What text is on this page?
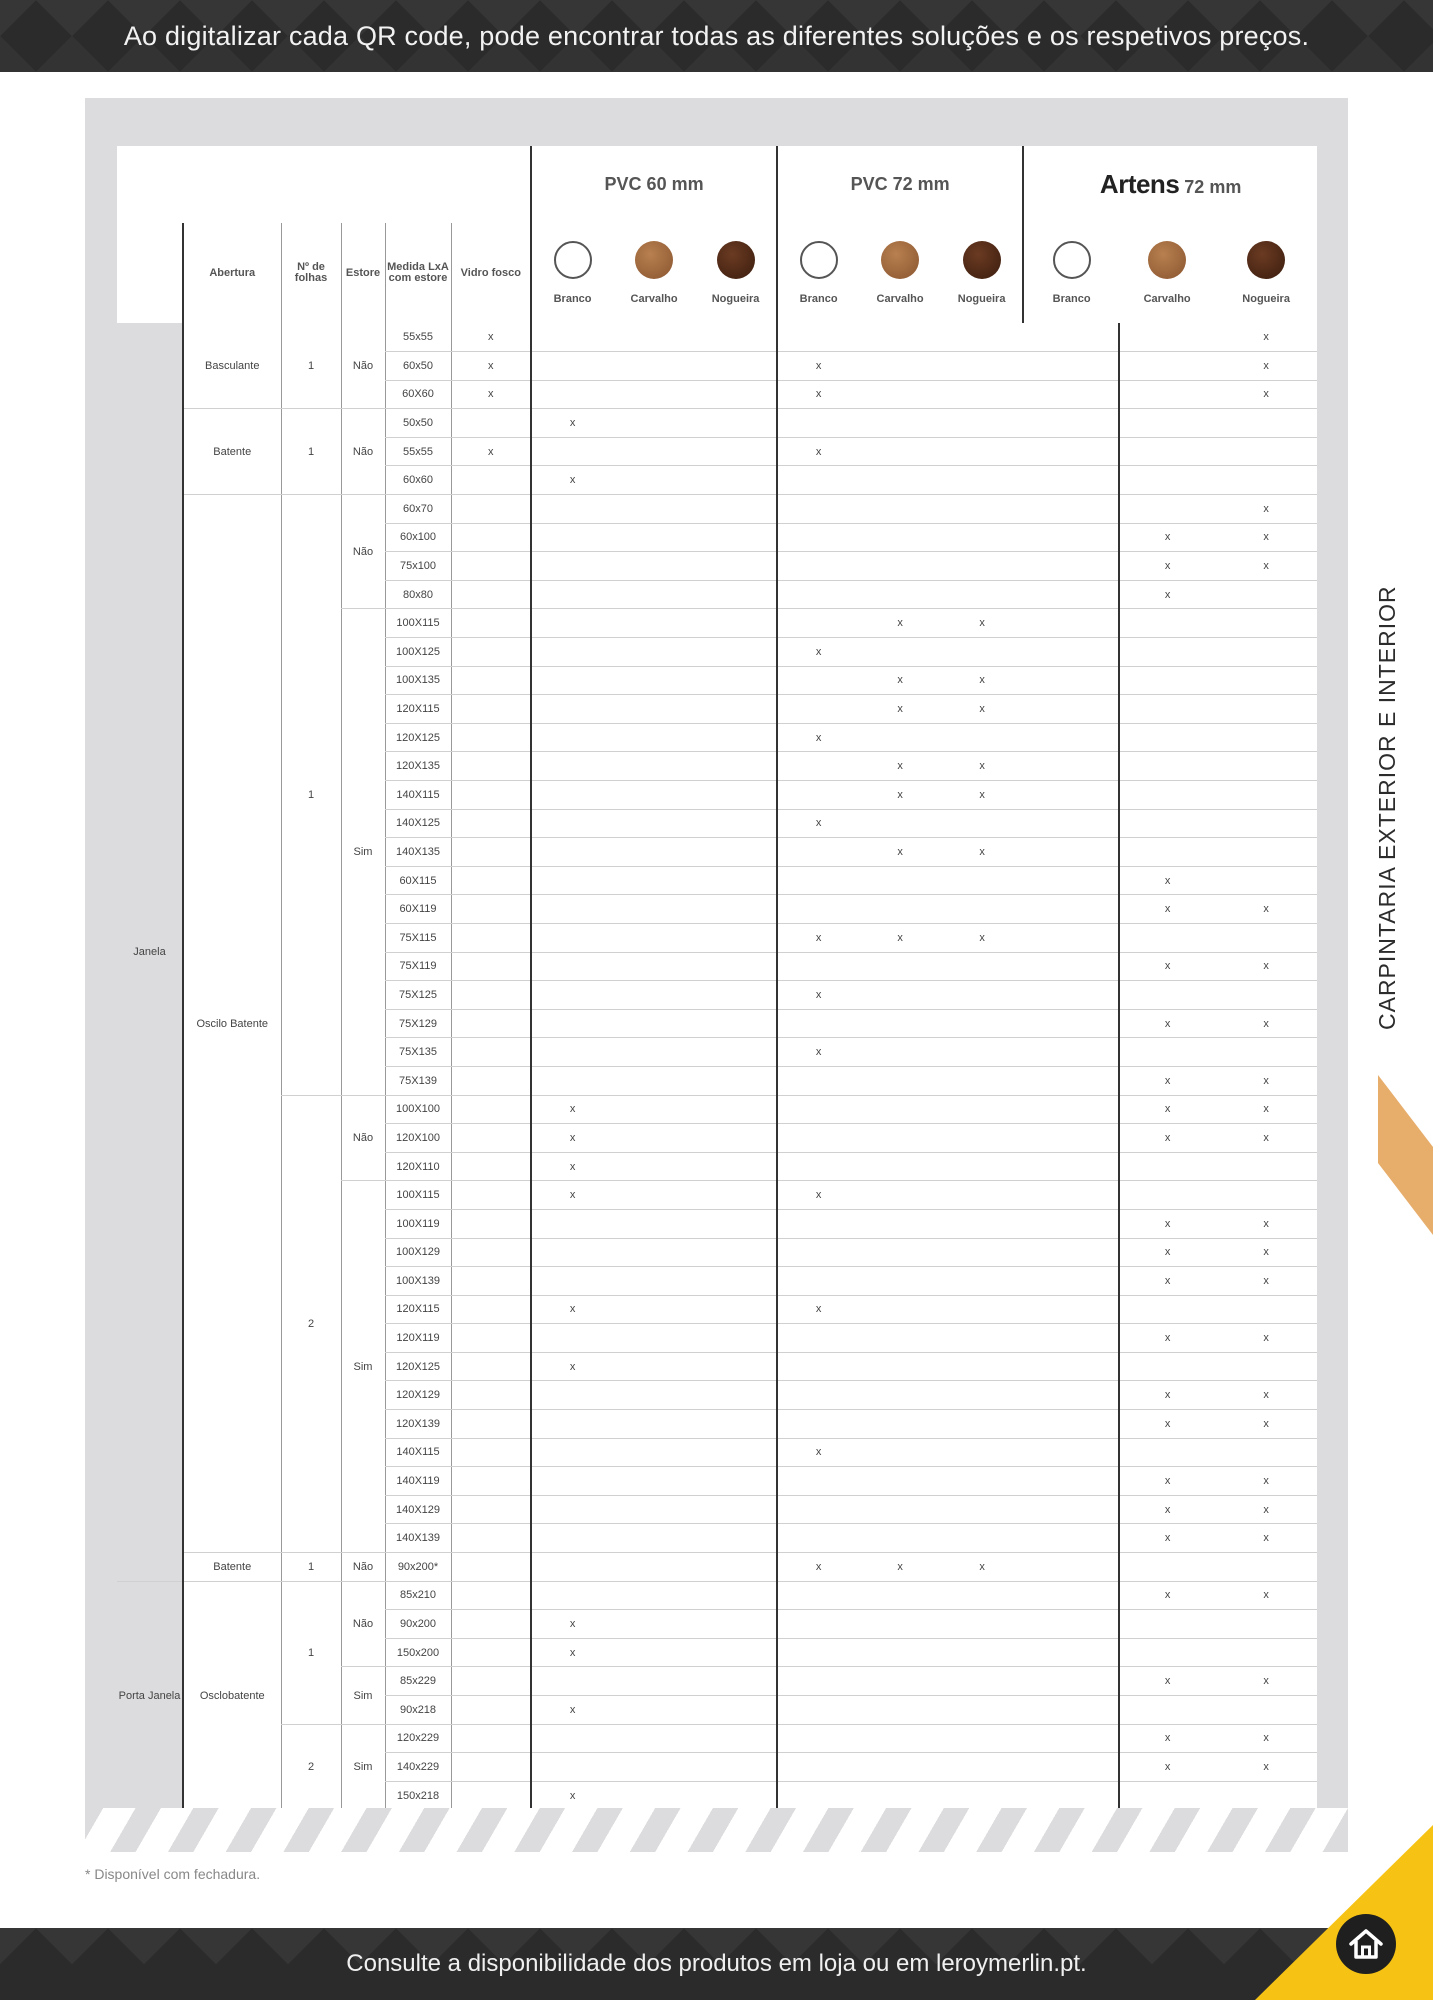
Ao digitalizar cada QR code, pode encontrar todas as diferentes soluções e os respetivos preços.
						PVC 60 mm			PVC 72 mm			Artens 72 mm			
	Abertura	Nº de folhas	Estore	Medida LxA com estore	Vidro fosco	Branco	Carvalho	Nogueira	Branco	Carvalho	Nogueira	Branco	Carvalho	Nogueira	
Janela	Basculante	1	Não	55x55	x									x	
				60x50	x				x					x	
				60X60	x				x					x	
	Batente	1	Não	50x50		x									
				55x55	x				x						
				60x60		x									
	Oscilo Batente	1	Não	60x70										x	
				60x100									x	x	
				75x100									x	x	
				80x80									x		
			Sim	100X115						x	x				
				100X125					x						
				100X135						x	x				
				120X115						x	x				
				120X125					x						
				120X135						x	x				
				140X115						x	x				
				140X125					x						
				140X135						x	x				
				60X115									x		
				60X119									x	x	
				75X115					x	x	x				
				75X119									x	x	
				75X125					x						
				75X129									x	x	
				75X135					x						
				75X139									x	x	
		2	Não	100X100		x							x	x	
				120X100		x							x	x	
				120X110		x									
			Sim	100X115		x			x						
				100X119									x	x	
				100X129									x	x	
				100X139									x	x	
				120X115		x			x						
				120X119									x	x	
				120X125		x									
				120X129									x	x	
				120X139									x	x	
				140X115					x						
				140X119									x	x	
				140X129									x	x	
				140X139									x	x	
	Batente	1	Não	90x200*					x	x	x				
Porta Janela	Osclobatente	1	Não	85x210									x	x	
				90x200		x									
				150x200		x									
			Sim	85x229									x	x	
				90x218		x									
		2	Sim	120x229									x	x	
				140x229									x	x	
				150x218		x									
* Disponível com fechadura.
CARPINTARIA EXTERIOR E INTERIOR
Consulte a disponibilidade dos produtos em loja ou em leroymerlin.pt.
